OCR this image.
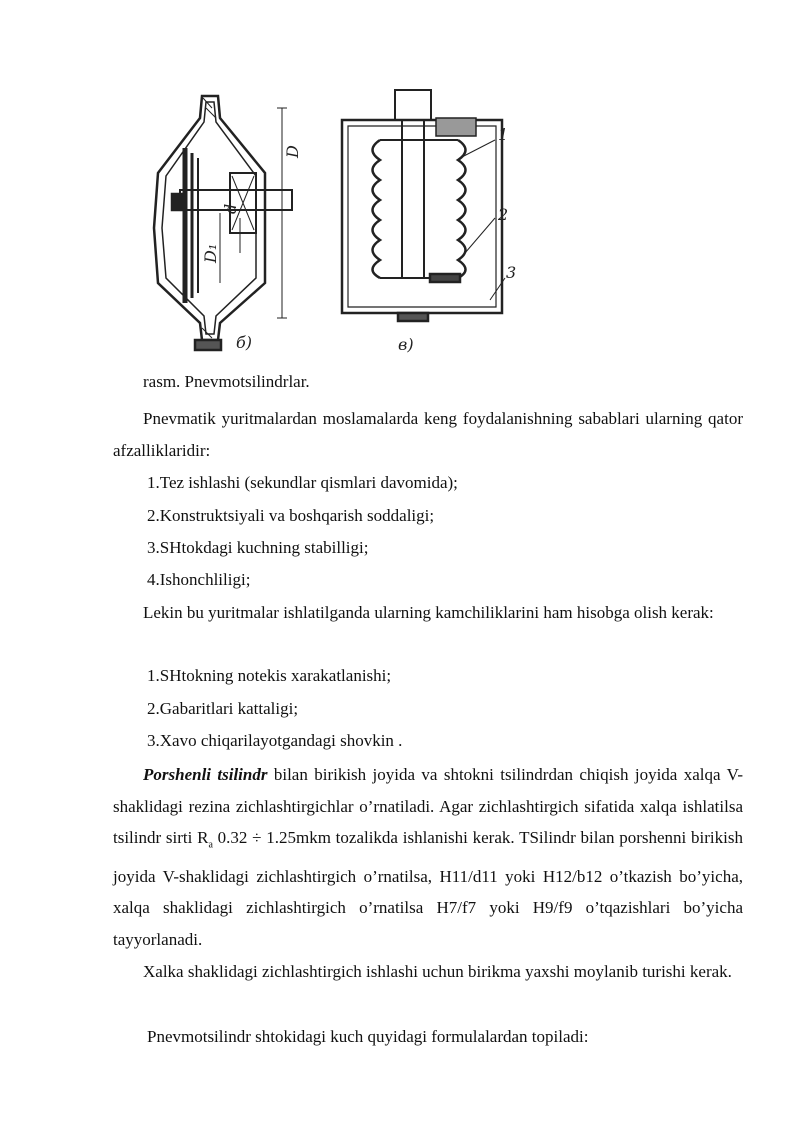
б)	в)
D
d
D₁
1
2
3
rasm. Pnevmotsilindrlar.

Pnevmatik yuritmalardan moslamalarda keng foydalanishning sabablari ularning qator afzalliklaridir:

1.Tez ishlashi (sekundlar qismlari davomida);
2.Konstruktsiyali va boshqarish soddaligi;
3.SHtokdagi kuchning stabilligi;
4.Ishonchliligi;

Lekin bu yuritmalar ishlatilganda ularning kamchiliklarini ham hisobga olish kerak:

1.SHtokning notekis xarakatlanishi;
2.Gabaritlari kattaligi;
3.Xavo chiqarilayotgandagi shovkin .

Porshenli tsilindr bilan birikish joyida va shtokni tsilindrdan chiqish joyida xalqa V-shaklidagi rezina zichlashtirgichlar o’rnatiladi. Agar zichlashtirgich sifatida xalqa ishlatilsa tsilindr sirti $R_a$ 0.32 ÷ 1.25mkm tozalikda ishlanishi kerak. TSilindr bilan porshenni birikish joyida V-shaklidagi zichlashtirgich o’rnatilsa, H11/d11 yoki H12/b12 o’tkazish bo’yicha, xalqa shaklidagi zichlashtirgich o’rnatilsa H7/f7 yoki H9/f9 o’tqazishlari bo’yicha tayyorlanadi.

Xalka shaklidagi zichlashtirgich ishlashi uchun birikma yaxshi moylanib turishi kerak.

Pnevmotsilindr shtokidagi kuch quyidagi formulalardan topiladi:
